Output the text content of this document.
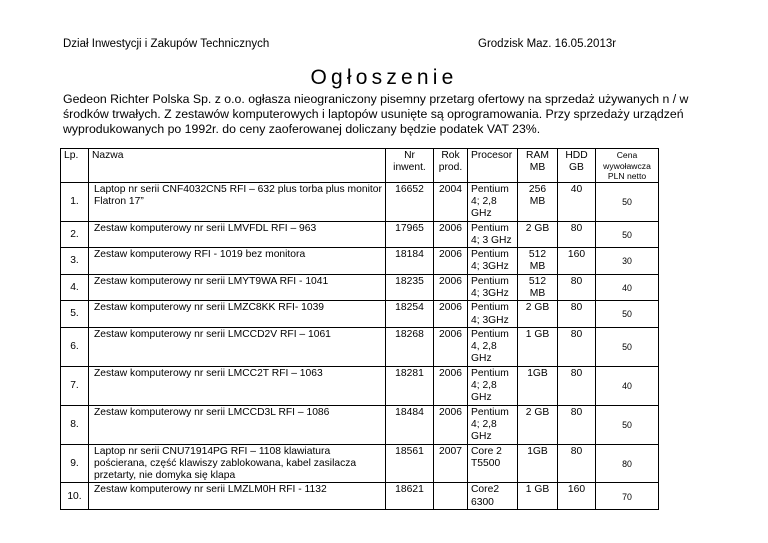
Dział Inwestycji i Zakupów Technicznych	Grodzisk Maz. 16.05.2013r
Ogłoszenie
Gedeon Richter Polska Sp. z o.o. ogłasza nieograniczony pisemny przetarg ofertowy na sprzedaż używanych n / w środków trwałych. Z zestawów komputerowych i laptopów usunięte są oprogramowania. Przy sprzedaży urządzeń wyprodukowanych po 1992r. do ceny zaoferowanej doliczany będzie podatek VAT 23%.
Lp.	Nazwa	Nr inwent.	Rok prod.	Procesor	RAM MB	HDD GB	Cena wywoławcza PLN netto
1.	Laptop nr serii CNF4032CN5 RFI – 632 plus torba plus monitor Flatron 17”	16652	2004	Pentium 4; 2,8 GHz	256 MB	40	50
2.	Zestaw komputerowy nr serii LMVFDL RFI – 963	17965	2006	Pentium 4; 3 GHz	2 GB	80	50
3.	Zestaw komputerowy RFI - 1019 bez monitora	18184	2006	Pentium 4; 3GHz	512 MB	160	30
4.	Zestaw komputerowy nr serii LMYT9WA RFI - 1041	18235	2006	Pentium 4; 3GHz	512 MB	80	40
5.	Zestaw komputerowy nr serii LMZC8KK RFI- 1039	18254	2006	Pentium 4; 3GHz	2 GB	80	50
6.	Zestaw komputerowy nr serii LMCCD2V RFI – 1061	18268	2006	Pentium 4, 2,8 GHz	1 GB	80	50
7.	Zestaw komputerowy nr serii LMCC2T RFI – 1063	18281	2006	Pentium 4; 2,8 GHz	1GB	80	40
8.	Zestaw komputerowy nr serii LMCCD3L RFI – 1086	18484	2006	Pentium 4; 2,8 GHz	2 GB	80	50
9.	Laptop nr serii CNU71914PG RFI – 1108 klawiatura pościerana, część klawiszy zablokowana, kabel zasilacza przetarty, nie domyka się klapa	18561	2007	Core 2 T5500	1GB	80	80
10.	Zestaw komputerowy nr serii LMZLM0H RFI - 1132	18621		Core2 6300	1 GB	160	70
